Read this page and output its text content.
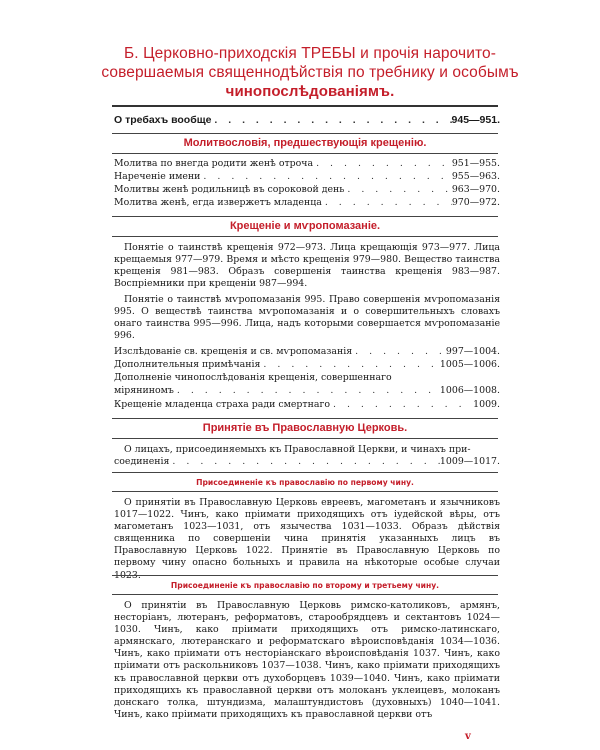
Б. Церковно-приходскія ТРЕБЫ и прочія нарочито-
совершаемыя священнодѣйствія по требнику и особымъ
чинопослѣдованіямъ.
О требахъ вообще . . .	945—951.
Молитвословія, предшествующія крещенію.
Молитва по внегда родити женѣ отроча . . .	951—955.
Нареченіе имени . . .	955—963.
Молитвы женѣ родильницѣ въ сороковой день . . .	963—970.
Молитва женѣ, егда извержетъ младенца . . .	970—972.
Крещеніе и мѵропомазаніе.

Понятіе о таинствѣ крещенія 972—973. Лица крещающія 973—977. Лица крещаемыя 977—979. Время и мѣсто крещенія 979—980. Вещество таинства крещенія 981—983. Образъ совершенія таинства крещенія 983—987. Воспріемники при крещеніи 987—994.

Понятіе о таинствѣ мѵропомазанія 995. Право совершенія мѵропомазанія 995. О веществѣ таинства мѵропомазанія и о совершительныхъ словахъ онаго таинства 995—996. Лица, надъ которыми совершается мѵропомазаніе 996.

Изслѣдованіе св. крещенія и св. мѵропомазанія . . .	997—1004.
Дополнительныя примѣчанія . . .	1005—1006.
Дополненіе чинопослѣдованія крещенія, совершеннаго
міряниномъ . . .	1006—1008.
Крещеніе младенца страха ради смертнаго . . .	1009.
Принятіе въ Православную Церковь.

О лицахъ, присоединяемыхъ къ Православной Церкви, и чинахъ при-

соединенія . . .	1009—1017.
Присоединеніе къ православію по первому чину.

О принятіи въ Православную Церковь евреевъ, магометанъ и язычниковъ 1017—1022. Чинъ, како пріимати приходящихъ отъ іудейской вѣры, отъ магометанъ 1023—1031, отъ язычества 1031—1033. Образъ дѣйствія священника по совершеніи чина принятія указанныхъ лицъ въ Православную Церковь 1022. Принятіе въ Православную Церковь по первому чину опасно больныхъ и правила на нѣкоторые особые случаи 1023.

Присоединеніе къ православію по второму и третьему чину.

О принятіи въ Православную Церковь римско-католиковъ, армянъ, несторіанъ, лютеранъ, реформатовъ, старообрядцевъ и сектантовъ 1024—1030. Чинъ, како пріимати приходящихъ отъ римско-латинскаго, армянскаго, лютеранскаго и реформатскаго вѣроисповѣданія 1034—1036. Чинъ, како пріимати отъ несторіанскаго вѣроисповѣданія 1037. Чинъ, како пріимати отъ раскольниковъ 1037—1038. Чинъ, како пріимати приходящихъ къ православной церкви отъ духоборцевъ 1039—1040. Чинъ, како пріимати приходящихъ къ православной церкви отъ молоканъ уклеицевъ, молоканъ донскаго толка, штундизма, малаштундистовъ (духовныхъ) 1040—1041. Чинъ, како пріимати приходящихъ къ православной церкви отъ

v
